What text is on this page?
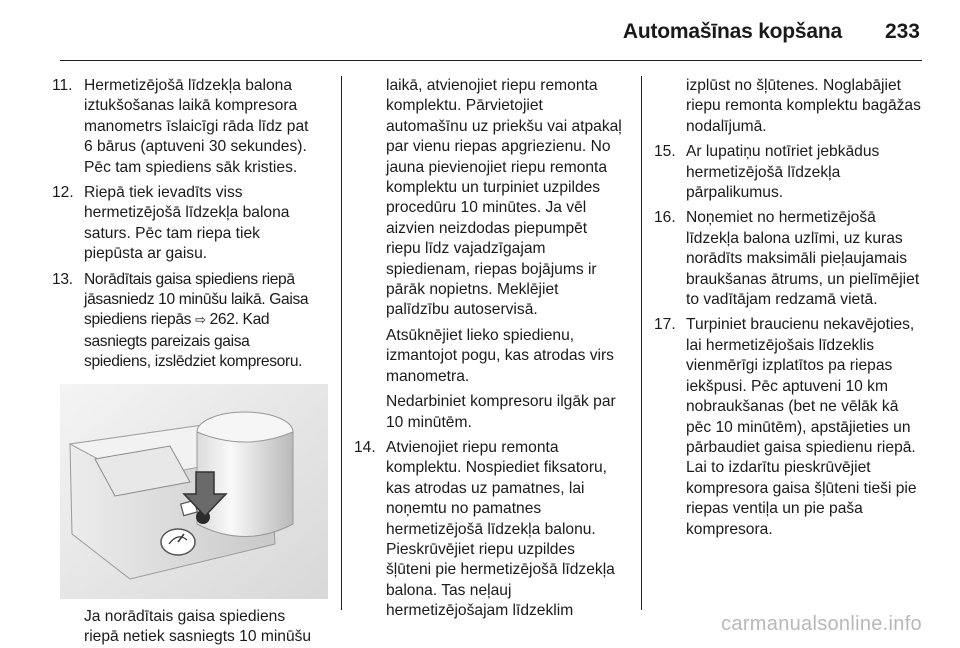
Automašīnas kopšana 233
11. Hermetizējošā līdzekļa balona
iztukšošanas laikā kompresora
manometrs īslaicīgi rāda līdz pat
6 bārus (aptuveni 30 sekundes).
Pēc tam spiediens sāk kristies.
12. Riepā tiek ievadīts viss
hermetizējošā līdzekļa balona
saturs. Pēc tam riepa tiek
piepūsta ar gaisu.
13. Norādītais gaisa spiediens riepā
jāsasniedz 10 minūšu laikā. Gaisa
spiediens riepās ⇨ 262. Kad
sasniegts pareizais gaisa
spiediens, izslēdziet kompresoru.
Ja norādītais gaisa spiediens
riepā netiek sasniegts 10 minūšu
laikā, atvienojiet riepu remonta
komplektu. Pārvietojiet
automašīnu uz priekšu vai atpakaļ
par vienu riepas apgriezienu. No
jauna pievienojiet riepu remonta
komplektu un turpiniet uzpildes
procedūru 10 minūtes. Ja vēl
aizvien neizdodas piepumpēt
riepu līdz vajadzīgajam
spiedienam, riepas bojājums ir
pārāk nopietns. Meklējiet
palīdzību autoservisā.
Atsūknējiet lieko spiedienu,
izmantojot pogu, kas atrodas virs
manometra.
Nedarbiniet kompresoru ilgāk par
10 minūtēm.
14. Atvienojiet riepu remonta
komplektu. Nospiediet fiksatoru,
kas atrodas uz pamatnes, lai
noņemtu no pamatnes
hermetizējošā līdzekļa balonu.
Pieskrūvējiet riepu uzpildes
šļūteni pie hermetizējošā līdzekļa
balona. Tas neļauj
hermetizējošajam līdzeklim
izplūst no šļūtenes. Noglabājiet
riepu remonta komplektu bagāžas
nodalījumā.
15. Ar lupatiņu notīriet jebkādus
hermetizējošā līdzekļa
pārpalikumus.
16. Noņemiet no hermetizējošā
līdzekļa balona uzlīmi, uz kuras
norādīts maksimāli pieļaujamais
braukšanas ātrums, un pielīmējiet
to vadītājam redzamā vietā.
17. Turpiniet braucienu nekavējoties,
lai hermetizējošais līdzeklis
vienmērīgi izplatītos pa riepas
iekšpusi. Pēc aptuveni 10 km
nobraukšanas (bet ne vēlāk kā
pēc 10 minūtēm), apstājieties un
pārbaudiet gaisa spiedienu riepā.
Lai to izdarītu pieskrūvējiet
kompresora gaisa šļūteni tieši pie
riepas ventiļa un pie paša
kompresora.
carmanualsonline.info
